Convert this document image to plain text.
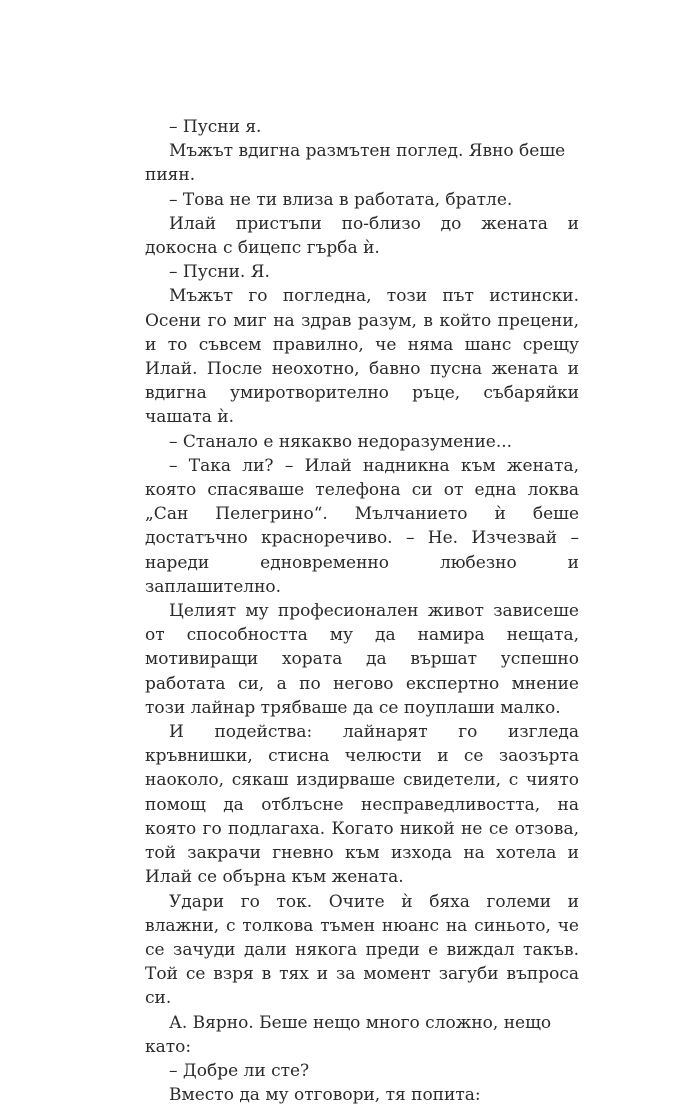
– Пусни я.

Мъжът вдигна размътен поглед. Явно беше пиян.

– Това не ти влиза в работата, братле.

Илай пристъпи по-близо до жената и докосна с бицепс гърба ѝ.

– Пусни. Я.

Мъжът го погледна, този път истински. Осени го миг на здрав разум, в който прецени, и то съвсем правилно, че няма шанс срещу Илай. После неохотно, бавно пусна жената и вдигна умиротворително ръце, събаряйки чашата ѝ.

– Станало е някакво недоразумение...

– Така ли? – Илай надникна към жената, която спасяваше телефона си от една локва „Сан Пелегрино“. Мълчанието ѝ беше достатъчно красноречиво. – Не. Изчезвай – нареди едновременно любезно и заплашително.

Целият му професионален живот зависеше от способността му да намира нещата, мотивиращи хората да вършат успешно работата си, а по негово експертно мнение този лайнар трябваше да се поуплаши малко.

И подейства: лайнарят го изгледа кръвнишки, стисна челюсти и се заозърта наоколо, сякаш издирваше свидетели, с чиято помощ да отблъсне несправедливостта, на която го подлагаха. Когато никой не се отзова, той закрачи гневно към изхода на хотела и Илай се обърна към жената.

Удари го ток. Очите ѝ бяха големи и влажни, с толкова тъмен нюанс на синьото, че се зачуди дали някога преди е виждал такъв. Той се взря в тях и за момент загуби въпроса си.

А. Вярно. Беше нещо много сложно, нещо като:

– Добре ли сте?

Вместо да му отговори, тя попита:
